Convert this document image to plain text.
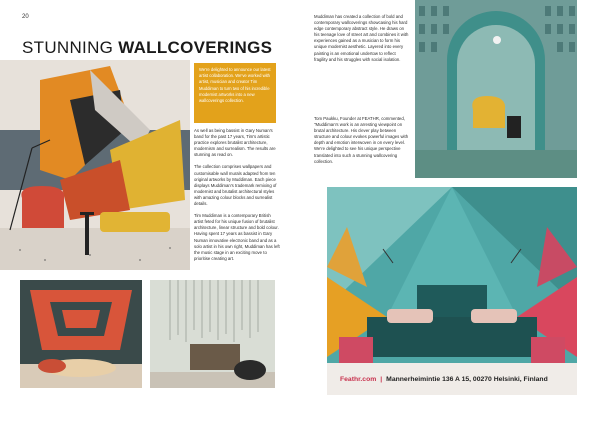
20
STUNNING WALLCOVERINGS
We're delighted to announce our latest artist collaboration. We've worked with artist, musician and creator Tim Muddiman to turn two of his incredible modernist artworks into a new wallcoverings collection.

As well as being bassist in Gary Numan's band for the past 17 years, Tim's artistic practice explores brutalist architecture, modernism and surrealism. The results are stunning as read on.

The collection comprises wallpapers and customisable wall murals adapted from ten original artworks by Muddiman. Each piece displays Muddiman's trademark remixing of modernist and brutalist architectural styles with amazing colour blocks and surrealist details.

Tim Muddiman is a contemporary British artist feted for his unique fusion of brutalist architecture, linear structure and bold colour. Having spent 17 years as bassist in Gary Numan innovative electronic band and as a solo artist in his own right, Muddiman has left the music stage in an exciting move to prioritise creating art.

Muddiman has created a collection of bold and contemporary wallcoverings showcasing his hard edge contemporary abstract style. He draws on his teenage love of street art and combines it with experiences gained as a musician to form his unique modernist aesthetic. Layered into every painting is an emotional undertow to reflect fragility and his struggles with social isolation.

Tom Paukku, Founder at FEATHR, commented, "Muddiman's work is an arresting viewpoint on brutal architecture. His clever play between structure and colour evokes powerful images with depth and emotion interwoven in on every level. We're delighted to see his unique perspective translated into such a stunning wallcovering collection.

Feathr.com | Mannerheimintie 136 A 15, 00270 Helsinki, Finland
